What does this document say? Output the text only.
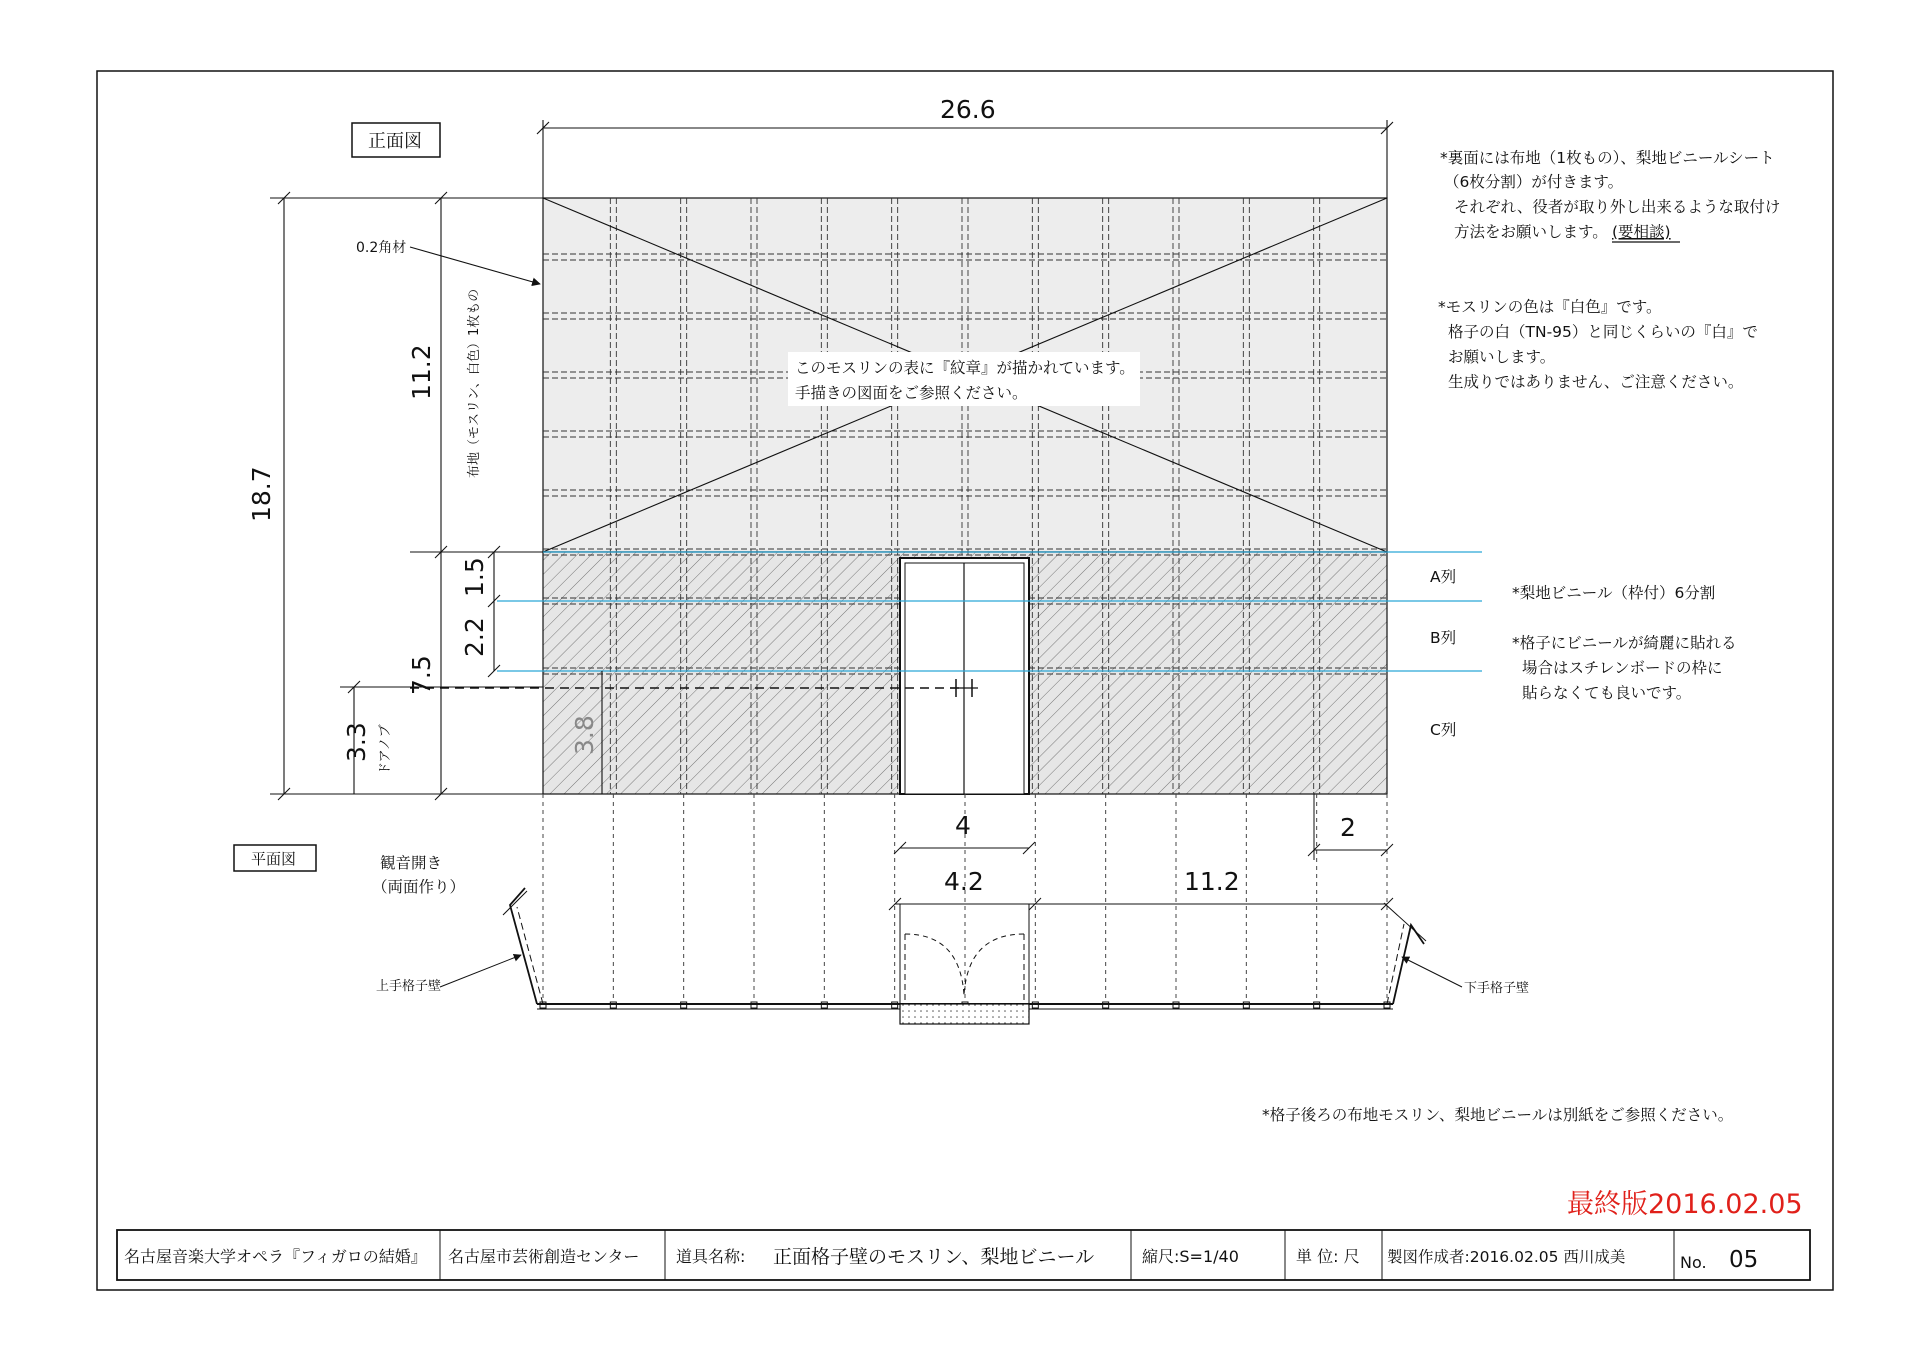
このモスリンの表に『紋章』が描かれています。
手描きの図面をご参照ください。
A列
B列
C列
正面図
平面図
26.6
18.7
11.2
7.5
1.5
2.2
3.3 ドアノブ	3.8
布地（モスリン、白色）1枚もの
0.2角材
4
4.2	11.2
2
観音開き
（両面作り）
上手格子壁	下手格子壁
*裏面には布地（1枚もの）、梨地ビニールシート
（6枚分割）が付きます。
それぞれ、役者が取り外し出来るような取付け
方法をお願いします。 (要相談)
*モスリンの色は『白色』です。
格子の白（TN-95）と同じくらいの『白』で
お願いします。
生成りではありません、ご注意ください。
*梨地ビニール（枠付）6分割
*格子にビニールが綺麗に貼れる
場合はスチレンボードの枠に
貼らなくても良いです。
*格子後ろの布地モスリン、梨地ビニールは別紙をご参照ください。
最終版2016.02.05
名古屋音楽大学オペラ『フィガロの結婚』 名古屋市芸術創造センター 道具名称: 正面格子壁のモスリン、梨地ビニール	縮尺:S=1/40	単 位: 尺 製図作成者:2016.02.05 西川成美	No. 05
